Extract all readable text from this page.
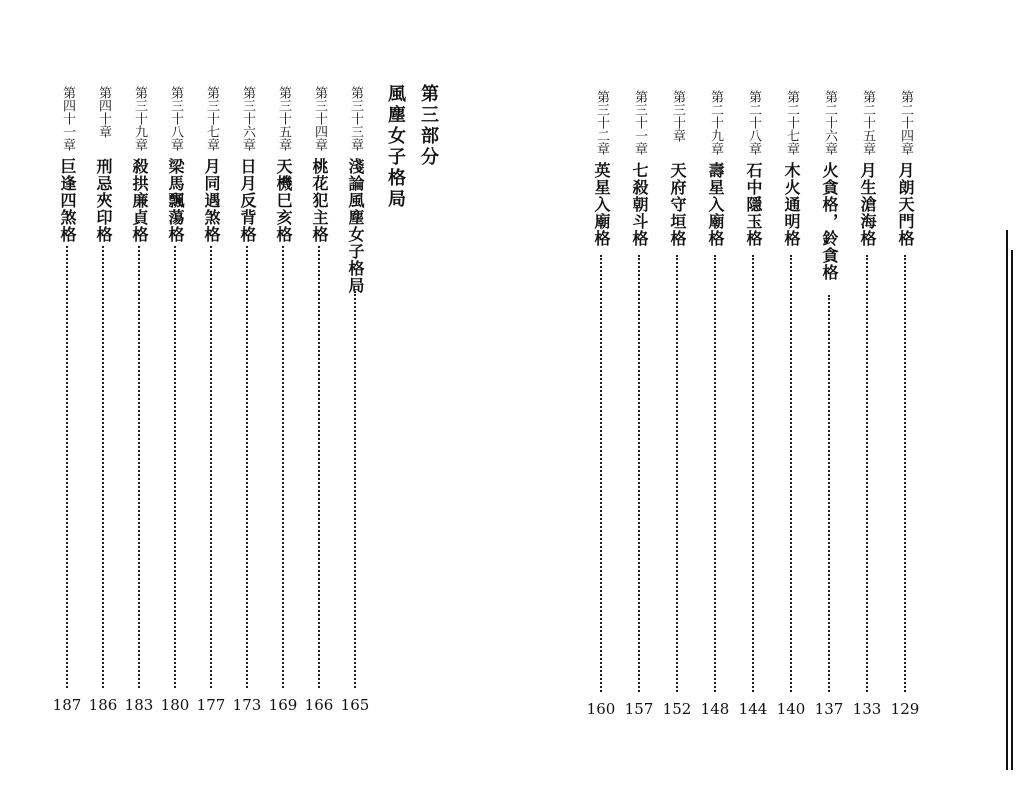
第三部分
風塵女子格局
第三十三章
淺論風塵女子格局
165
第三十四章
桃花犯主格
166
第三十五章
天機巳亥格
169
第三十六章
日月反背格
173
第三十七章
月同遇煞格
177
第三十八章
梁馬飄蕩格
180
第三十九章
殺拱廉貞格
183
第四十章
刑忌夾印格
186
第四十一章
巨逢四煞格
187
第二十四章
月朗天門格
129
第二十五章
月生滄海格
133
第二十六章
火貪格，鈴貪格
137
第二十七章
木火通明格
140
第二十八章
石中隱玉格
144
第二十九章
壽星入廟格
148
第三十章
天府守垣格
152
第三十一章
七殺朝斗格
157
第三十二章
英星入廟格
160
